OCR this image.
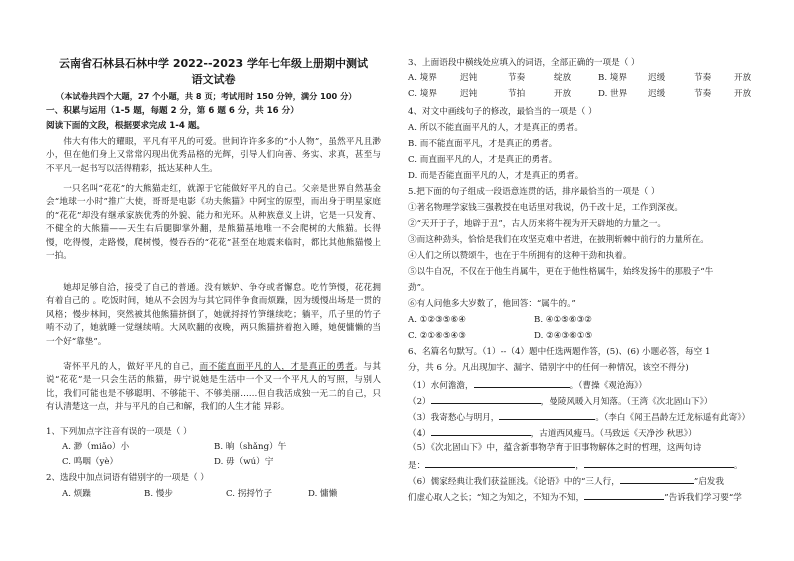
云南省石林县石林中学 2022--2023 学年七年级上册期中测试
语文试卷
（本试卷共四个大题，27 个小题，共 8 页；考试用时 150 分钟，满分 100 分）
一、积累与运用（1-5 题，每题 2 分，第 6 题 6 分，共 16 分）
阅读下面的文段，根据要求完成 1-4 题。
伟大有伟大的耀眼，平凡有平凡的可爱。世间许许多多的“小人物”，虽然平凡且渺小，但在他们身上又常常闪现出优秀品格的光辉，引导人们向善、务实、求真，甚至与不平凡一起书写以活得精彩，抵达某种人生。
一只名叫“花花”的大熊猫走红，就源于它能做好平凡的自己。父亲是世界自然基金会“地球一小时”推广大使，哥哥是电影《功夫熊猫》中阿宝的原型，而出身于明星家庭的“花花”却没有继承家族优秀的外貌、能力和光环。从种族意义上讲，它是一只发育、不健全的大熊猫——天生右后腿脚掌外翻，是熊猫基地唯一不会爬树的大熊猫。长得慢，吃得慢，走路慢，爬树慢，慢吞吞的“花花”甚至在地震来临时，都比其他熊猫慢上一拍。
她却足够自洽，接受了自己的普通。没有嫉妒、争夺或者懈怠。吃竹笋慢，花花拥有着自己的 。吃饭时间，她从不会因为与其它同伴争食而烦躁，因为缓慢出场是一贯的风格；慢步林间，突然被其他熊猫挤倒了，她就捋捋竹笋继续吃；躺平，爪子里的竹子啃不动了，她就睡一觉继续啃。大风吹翻的夜晚，两只熊猫挤着抱入睡，她便慵懒的当一个好“靠垫”。
寄怀平凡的人，做好平凡的自己，而不能直面平凡的人，才是真正的勇者。与其说“花花”是一只会生活的熊猫，毋宁说她是生活中一个又一个平凡人的写照，与别人比，我们可能也是不够聪明、不够能干、不够美丽……但自我活成独一无二的自己，只有认清楚这一点，并与平凡的自己和解，我们的人生才能 异彩。
1、下列加点字注音有误的一项是（ ）
A. 渺（miǎo）小	B. 晌（shǎng）午
C. 鸣咽（yè）	D. 毋（wú）宁
2、选段中加点词语有错别字的一项是（ ）
A. 烦躁	B. 慢步	C. 拐捋竹子	D. 慵懒
3、上面语段中横线处应填入的词语，全部正确的一项是（ ）
A. 境界	迟钝	节奏	绽放	B. 境界 迟缓	节奏	开放
C. 境界	迟钝	节拍	开放	D. 世界 迟缓	节奏	开放
4、对文中画线句子的修改，最恰当的一项是（ ）
A. 所以不能直面平凡的人，才是真正的勇者。
B. 而不能直面平凡，才是真正的勇者。
C. 而直面平凡的人，才是真正的勇者。
D. 而是否能直面平凡的人，才是真正的勇者。
5.把下面的句子组成一段语意连贯的话，排序最恰当的一项是（ ）
①著名物理学家钱三强教授在电话里对我说，仍千改十足，工作到深夜。
②“天开于子，地辟于丑”，古人历来将牛视为开天辟地的力量之一。
③而这种劲头，恰恰是我们在攻坚克难中者进，在披荆斩棘中前行的力量所在。
④人们之所以赞颂牛，也在于牛所拥有的这种干劲和执着。
⑤以牛自况，不仅在于他生肖属牛，更在于他性格属牛，始终发扬牛的那股子“牛
劲”。
⑥有人问他多大岁数了，他回答：“属牛的。”
A. ①②③⑤⑥④	B. ④①⑤⑥③②
C. ②①⑥⑤④③	D. ②④③⑥①⑤
6、名篇名句默写。（1）--（4）题中任选两题作答，(5)、(6) 小题必答，每空 1
分，共 6 分。凡出现加字、漏字、错别字中的任何一种情况，该空不得分)
（1）水何澹澹，	。（曹操《观沧海》）
（2）	，曼陵风暖入月知落。（王湾《次北固山下》）
（3）我寄愁心与明月，	。（李白《闻王昌龄左迁龙标遥有此寄》）
（4）	，古道西风瘦马。（马致远《天净沙 秋思》）
（5）《次北固山下》中，蕴含新事物孕育于旧事物解体之时的哲理，这两句诗
是：	，	。
（6）儒家经典让我们获益匪浅。《论语》中的“三人行，	”启发我
们虚心取人之长；“知之为知之，不知为不知，	”告诉我们学习要“学
